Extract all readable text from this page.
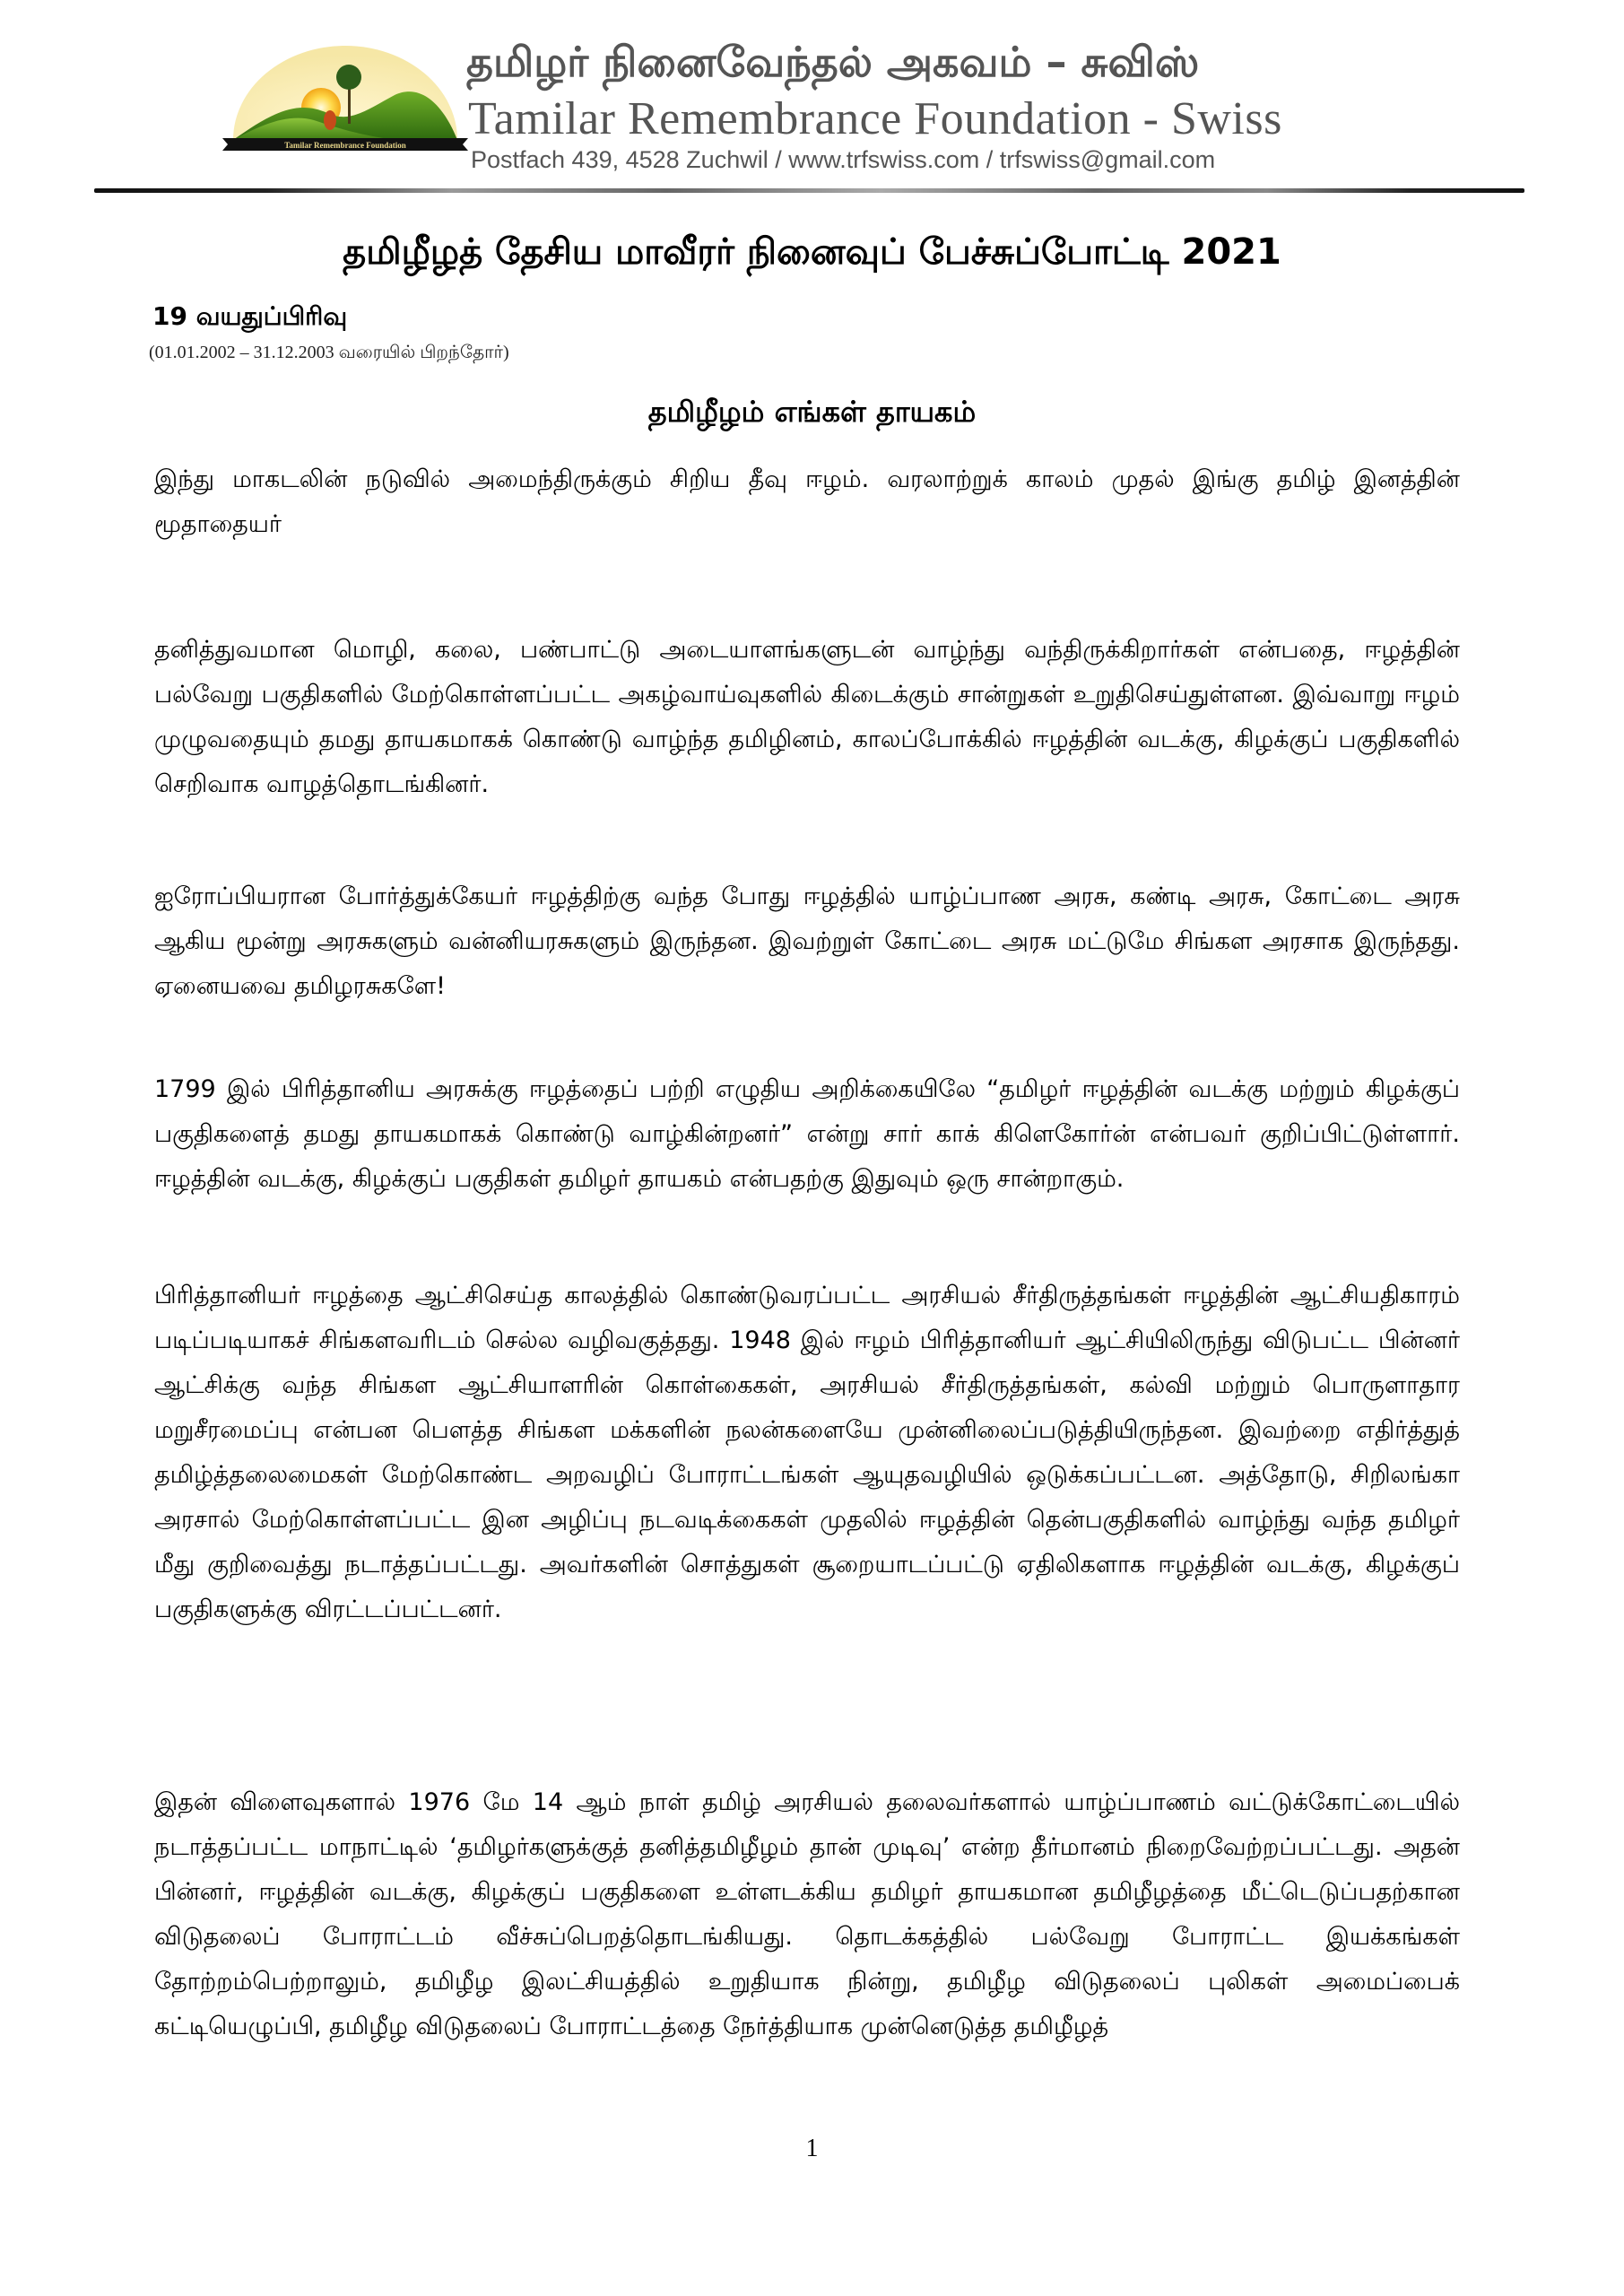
Tamilar Remembrance Foundation
தமிழர் நினைவேந்தல் அகவம் – சுவிஸ்
Tamilar Remembrance Foundation - Swiss
Postfach 439, 4528 Zuchwil / www.trfswiss.com / trfswiss@gmail.com
தமிழீழத் தேசிய மாவீரர் நினைவுப் பேச்சுப்போட்டி 2021
19 வயதுப்பிரிவு
(01.01.2002 – 31.12.2003 வரையில் பிறந்தோர்)
தமிழீழம் எங்கள் தாயகம்

இந்து மாகடலின் நடுவில் அமைந்திருக்கும் சிறிய தீவு ஈழம். வரலாற்றுக் காலம் முதல் இங்கு தமிழ் இனத்தின் மூதாதையர்

தனித்துவமான மொழி, கலை, பண்பாட்டு அடையாளங்களுடன் வாழ்ந்து வந்திருக்கிறார்கள் என்பதை, ஈழத்தின் பல்வேறு பகுதிகளில் மேற்கொள்ளப்பட்ட அகழ்வாய்வுகளில் கிடைக்கும் சான்றுகள் உறுதிசெய்துள்ளன. இவ்வாறு ஈழம் முழுவதையும் தமது தாயகமாகக் கொண்டு வாழ்ந்த தமிழினம், காலப்போக்கில் ஈழத்தின் வடக்கு, கிழக்குப் பகுதிகளில் செறிவாக வாழத்தொடங்கினர்.

ஐரோப்பியரான போர்த்துக்கேயர் ஈழத்திற்கு வந்த போது ஈழத்தில் யாழ்ப்பாண அரசு, கண்டி அரசு, கோட்டை அரசு ஆகிய மூன்று அரசுகளும் வன்னியரசுகளும் இருந்தன. இவற்றுள் கோட்டை அரசு மட்டுமே சிங்கள அரசாக இருந்தது. ஏனையவை தமிழரசுகளே!

1799 இல் பிரித்தானிய அரசுக்கு ஈழத்தைப் பற்றி எழுதிய அறிக்கையிலே “தமிழர் ஈழத்தின் வடக்கு மற்றும் கிழக்குப் பகுதிகளைத் தமது தாயகமாகக் கொண்டு வாழ்கின்றனர்” என்று சார் காக் கிளெகோர்ன் என்பவர் குறிப்பிட்டுள்ளார். ஈழத்தின் வடக்கு, கிழக்குப் பகுதிகள் தமிழர் தாயகம் என்பதற்கு இதுவும் ஒரு சான்றாகும்.

பிரித்தானியர் ஈழத்தை ஆட்சிசெய்த காலத்தில் கொண்டுவரப்பட்ட அரசியல் சீர்திருத்தங்கள் ஈழத்தின் ஆட்சியதிகாரம் படிப்படியாகச் சிங்களவரிடம் செல்ல வழிவகுத்தது. 1948 இல் ஈழம் பிரித்தானியர் ஆட்சியிலிருந்து விடுபட்ட பின்னர் ஆட்சிக்கு வந்த சிங்கள ஆட்சியாளரின் கொள்கைகள், அரசியல் சீர்திருத்தங்கள், கல்வி மற்றும் பொருளாதார மறுசீரமைப்பு என்பன பௌத்த சிங்கள மக்களின் நலன்களையே முன்னிலைப்படுத்தியிருந்தன. இவற்றை எதிர்த்துத் தமிழ்த்தலைமைகள் மேற்கொண்ட அறவழிப் போராட்டங்கள் ஆயுதவழியில் ஒடுக்கப்பட்டன. அத்தோடு, சிறிலங்கா அரசால் மேற்கொள்ளப்பட்ட இன அழிப்பு நடவடிக்கைகள் முதலில் ஈழத்தின் தென்பகுதிகளில் வாழ்ந்து வந்த தமிழர் மீது குறிவைத்து நடாத்தப்பட்டது. அவர்களின் சொத்துகள் சூறையாடப்பட்டு ஏதிலிகளாக ஈழத்தின் வடக்கு, கிழக்குப் பகுதிகளுக்கு விரட்டப்பட்டனர்.

இதன் விளைவுகளால் 1976 மே 14 ஆம் நாள் தமிழ் அரசியல் தலைவர்களால் யாழ்ப்பாணம் வட்டுக்கோட்டையில் நடாத்தப்பட்ட மாநாட்டில் ‘தமிழர்களுக்குத் தனித்தமிழீழம் தான் முடிவு’ என்ற தீர்மானம் நிறைவேற்றப்பட்டது. அதன் பின்னர், ஈழத்தின் வடக்கு, கிழக்குப் பகுதிகளை உள்ளடக்கிய தமிழர் தாயகமான தமிழீழத்தை மீட்டெடுப்பதற்கான விடுதலைப் போராட்டம் வீச்சுப்பெறத்தொடங்கியது. தொடக்கத்தில் பல்வேறு போராட்ட இயக்கங்கள் தோற்றம்பெற்றாலும், தமிழீழ இலட்சியத்தில் உறுதியாக நின்று, தமிழீழ விடுதலைப் புலிகள் அமைப்பைக் கட்டியெழுப்பி, தமிழீழ விடுதலைப் போராட்டத்தை நேர்த்தியாக முன்னெடுத்த தமிழீழத்

1
